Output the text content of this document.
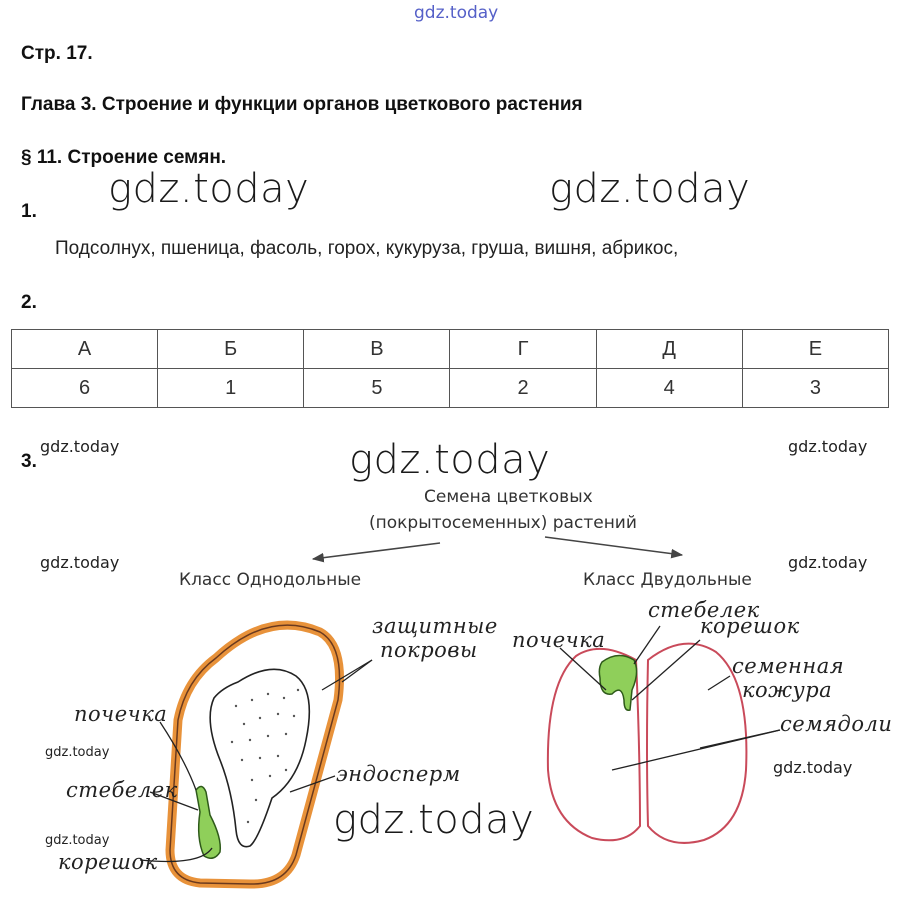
gdz.today
gdz.today	gdz.today
gdz.today
gdz.today
gdz.today	gdz.today
gdz.today	gdz.today
gdz.today
gdz.today
gdz.today
Стр. 17.
Глава 3. Строение и функции органов цветкового растения
§ 11. Строение семян.
1.
Подсолнух, пшеница, фасоль, горох, кукуруза, груша, вишня, абрикос,
2.
А	Б	В	Г	Д	Е
6	1	5	2	4	3
3.
Семена цветковых
(покрытосеменных) растений
Класс Однодольные	Класс Двудольные
защитные
покровы
почечка
стебелек
корешок
эндосперм
почечка
стебелек
корешок
семенная
кожура
семядоли
